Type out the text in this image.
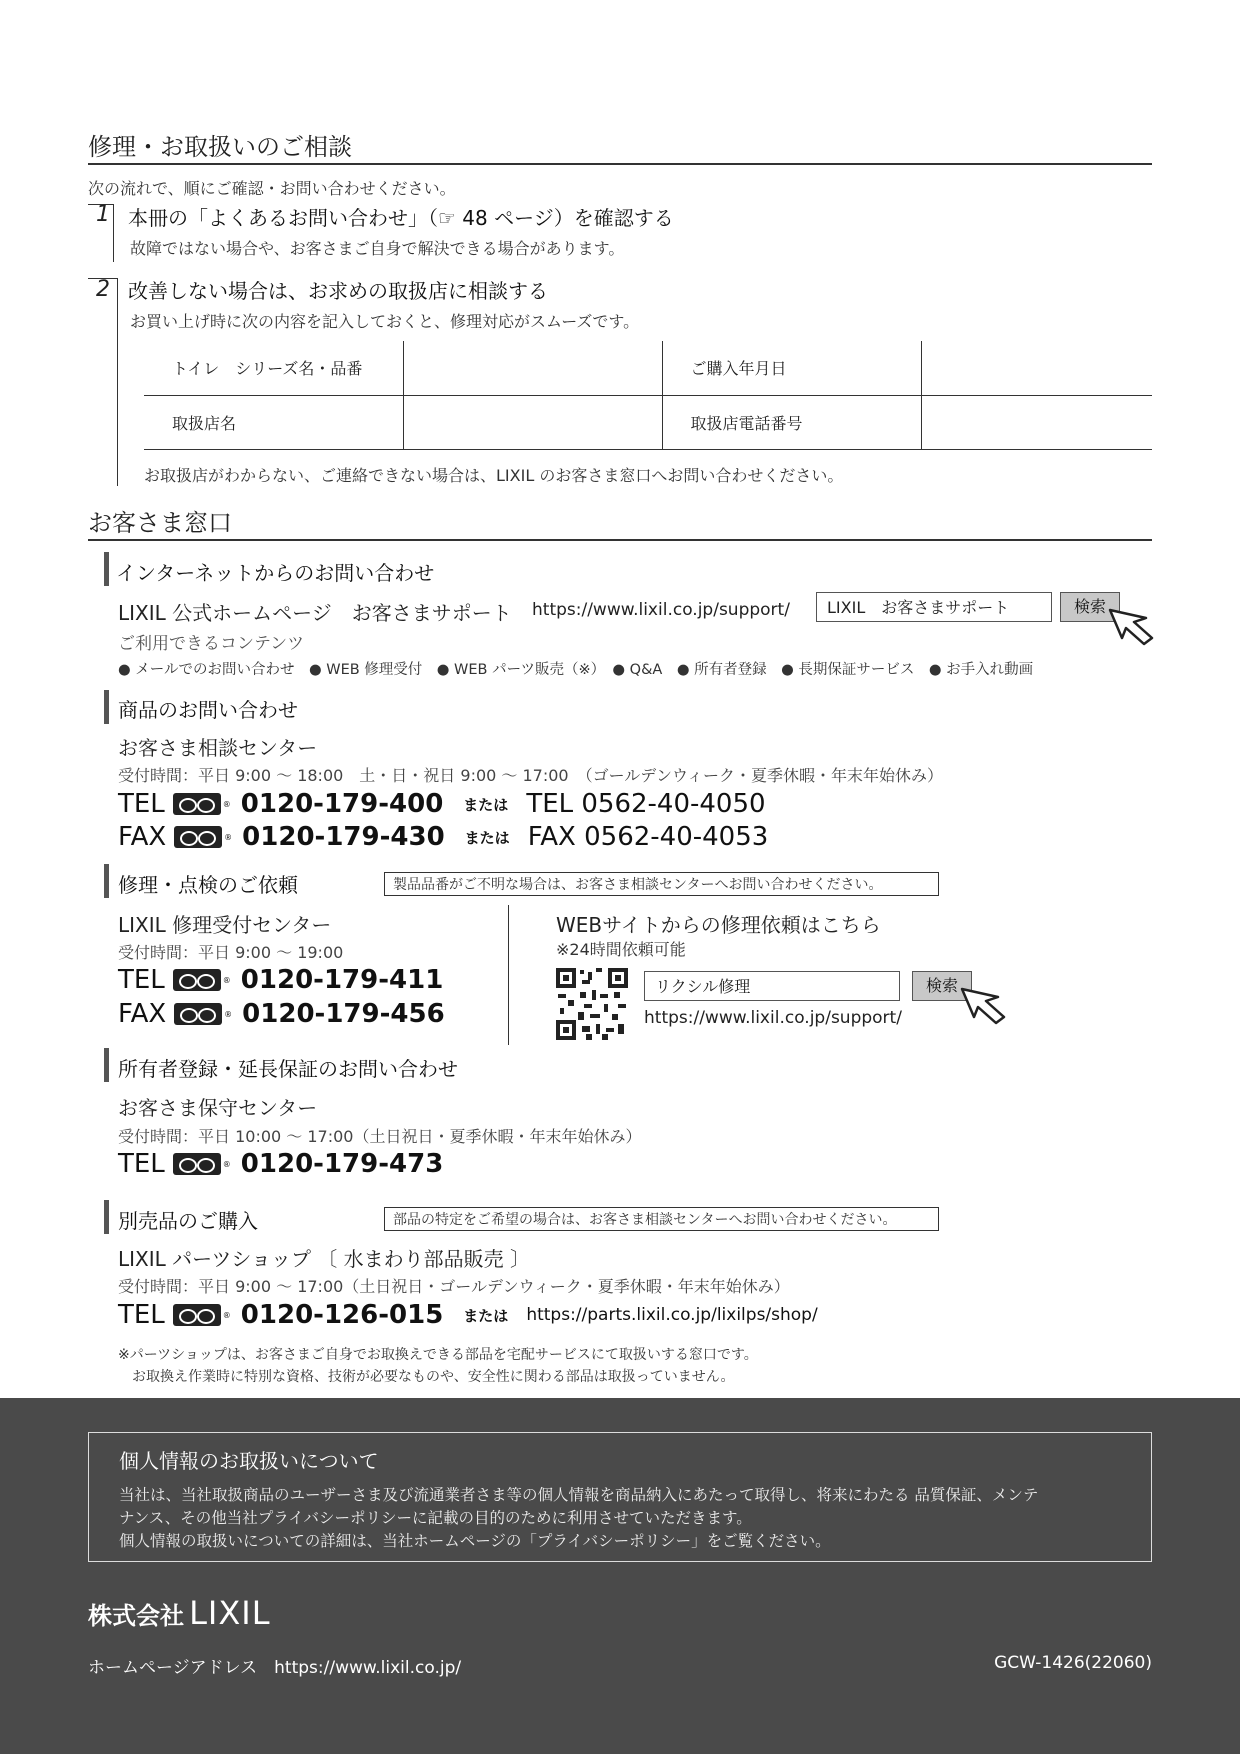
修理・お取扱いのご相談
次の流れで、順にご確認・お問い合わせください。
1 本冊の「よくあるお問い合わせ」（☞ 48 ページ）を確認する
故障ではない場合や、お客さまご自身で解決できる場合があります。
2 改善しない場合は、お求めの取扱店に相談する
お買い上げ時に次の内容を記入しておくと、修理対応がスムーズです。
トイレ　シリーズ名・品番		ご購入年月日	
取扱店名		取扱店電話番号	
お取扱店がわからない、ご連絡できない場合は、LIXIL のお客さま窓口へお問い合わせください。
お客さま窓口
インターネットからのお問い合わせ
LIXIL 公式ホームページ　お客さまサポート https://www.lixil.co.jp/support/	LIXIL　お客さまサポート	検索
ご利用できるコンテンツ
● メールでのお問い合わせ　● WEB 修理受付　● WEB パーツ販売（※）　● Q&A　● 所有者登録　● 長期保証サービス　● お手入れ動画
商品のお問い合わせ
お客さま相談センター
受付時間：平日 9:00 ～ 18:00　土・日・祝日 9:00 ～ 17:00　（ゴールデンウィーク・夏季休暇・年末年始休み）
TEL	® 0120-179-400 または TEL 0562-40-4050
FAX	® 0120-179-430 または FAX 0562-40-4053
修理・点検のご依頼	製品品番がご不明な場合は、お客さま相談センターへお問い合わせください。
LIXIL 修理受付センター
受付時間：平日 9:00 ～ 19:00
TEL	® 0120-179-411
FAX	® 0120-179-456
WEBサイトからの修理依頼はこちら
※24時間依頼可能
リクシル修理	検索
https://www.lixil.co.jp/support/
所有者登録・延長保証のお問い合わせ
お客さま保守センター
受付時間：平日 10:00 ～ 17:00（土日祝日・夏季休暇・年末年始休み）
TEL	® 0120-179-473
別売品のご購入	部品の特定をご希望の場合は、お客さま相談センターへお問い合わせください。
LIXIL パーツショップ 〔 水まわり部品販売 〕
受付時間：平日 9:00 ～ 17:00（土日祝日・ゴールデンウィーク・夏季休暇・年末年始休み）
TEL	® 0120-126-015 または https://parts.lixil.co.jp/lixilps/shop/
※パーツショップは、お客さまご自身でお取換えできる部品を宅配サービスにて取扱いする窓口です。
　お取換え作業時に特別な資格、技術が必要なものや、安全性に関わる部品は取扱っていません。
個人情報のお取扱いについて
当社は、当社取扱商品のユーザーさま及び流通業者さま等の個人情報を商品納入にあたって取得し、将来にわたる 品質保証、メンテ
ナンス、その他当社プライバシーポリシーに記載の目的のために利用させていただきます。
個人情報の取扱いについての詳細は、当社ホームページの「プライバシーポリシー」をご覧ください。
株式会社 LIXIL
ホームページアドレス　https://www.lixil.co.jp/	GCW-1426(22060)
